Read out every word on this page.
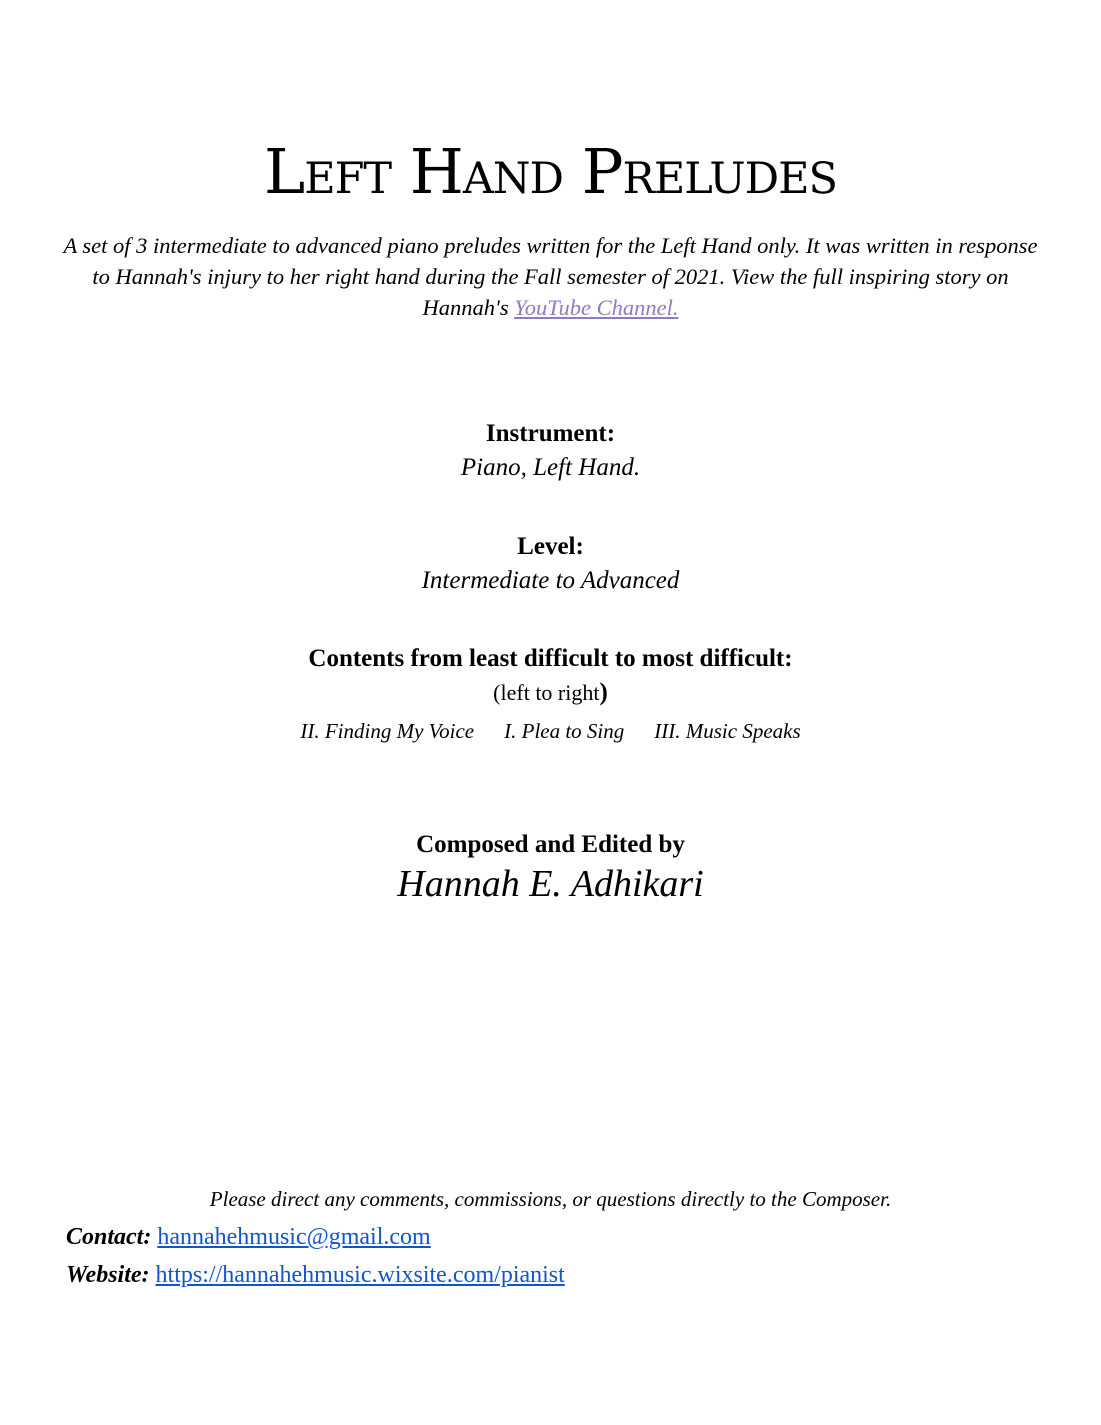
Left Hand Preludes

A set of 3 intermediate to advanced piano preludes written for the Left Hand only. It was written in response to Hannah's injury to her right hand during the Fall semester of 2021. View the full inspiring story on Hannah's YouTube Channel.

Instrument:
Piano, Left Hand.
Level:
Intermediate to Advanced
Contents from least difficult to most difficult:
(left to right)
II. Finding My Voice I. Plea to Sing III. Music Speaks
Composed and Edited by
Hannah E. Adhikari
Please direct any comments, commissions, or questions directly to the Composer.
Contact: hannahehmusic@gmail.com
Website: https://hannahehmusic.wixsite.com/pianist
